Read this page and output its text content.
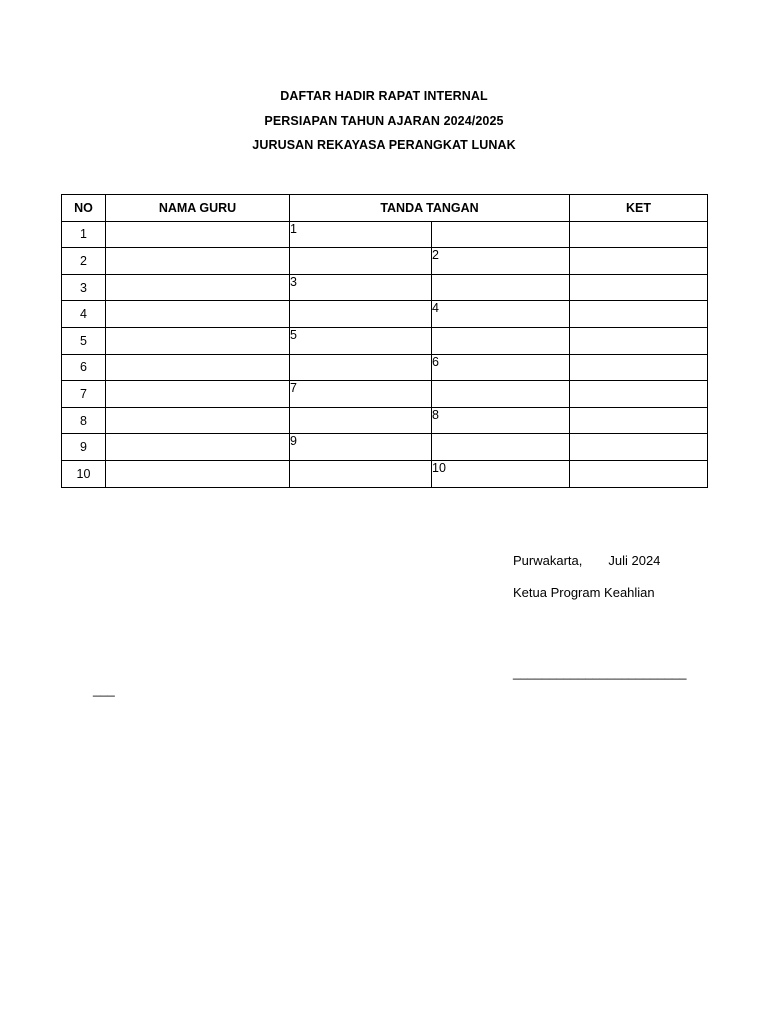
DAFTAR HADIR RAPAT INTERNAL
PERSIAPAN TAHUN AJARAN 2024/2025
JURUSAN REKAYASA PERANGKAT LUNAK
NO	NAMA GURU	TANDA TANGAN		KET
1		1		
2			2	
3		3		
4			4	
5		5		
6			6	
7		7		
8			8	
9		9		
10			10	
Purwakarta, Juli 2024
Ketua Program Keahlian
________________________
___
